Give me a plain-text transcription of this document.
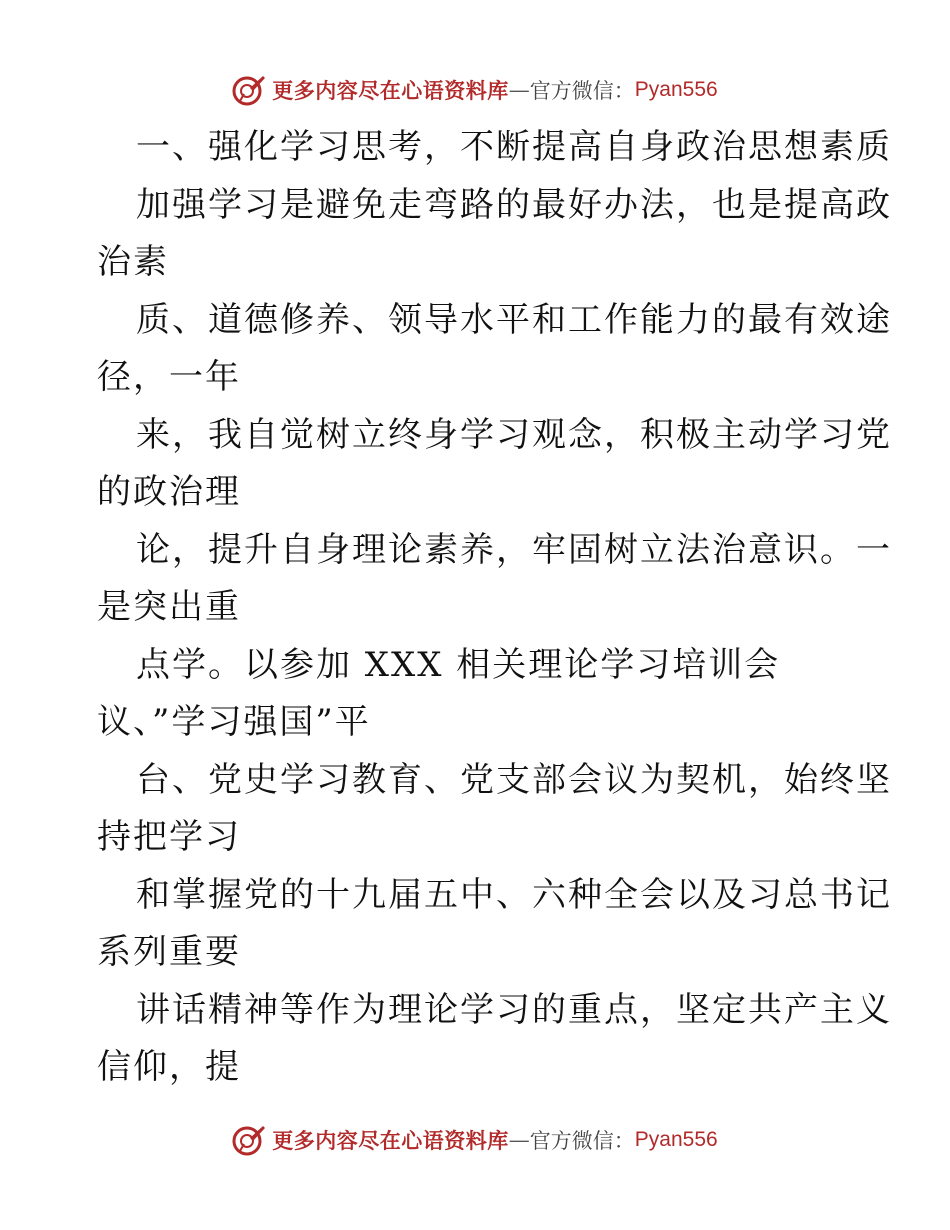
更多内容尽在心语资料库 — 官方微信： Pyan556
一、强化学习思考，不断提高自身政治思想素质
加强学习是避免走弯路的最好办法，也是提高政
治素
质、道德修养、领导水平和工作能力的最有效途
径，一年
来，我自觉树立终身学习观念，积极主动学习党
的政治理
论，提升自身理论素养，牢固树立法治意识。一
是突出重
点学。以参加 XXX 相关理论学习培训会
议、”学习强国”平
台、党史学习教育、党支部会议为契机，始终坚
持把学习
和掌握党的十九届五中、六种全会以及习总书记
系列重要
讲话精神等作为理论学习的重点，坚定共产主义
信仰，提
更多内容尽在心语资料库 — 官方微信： Pyan556
